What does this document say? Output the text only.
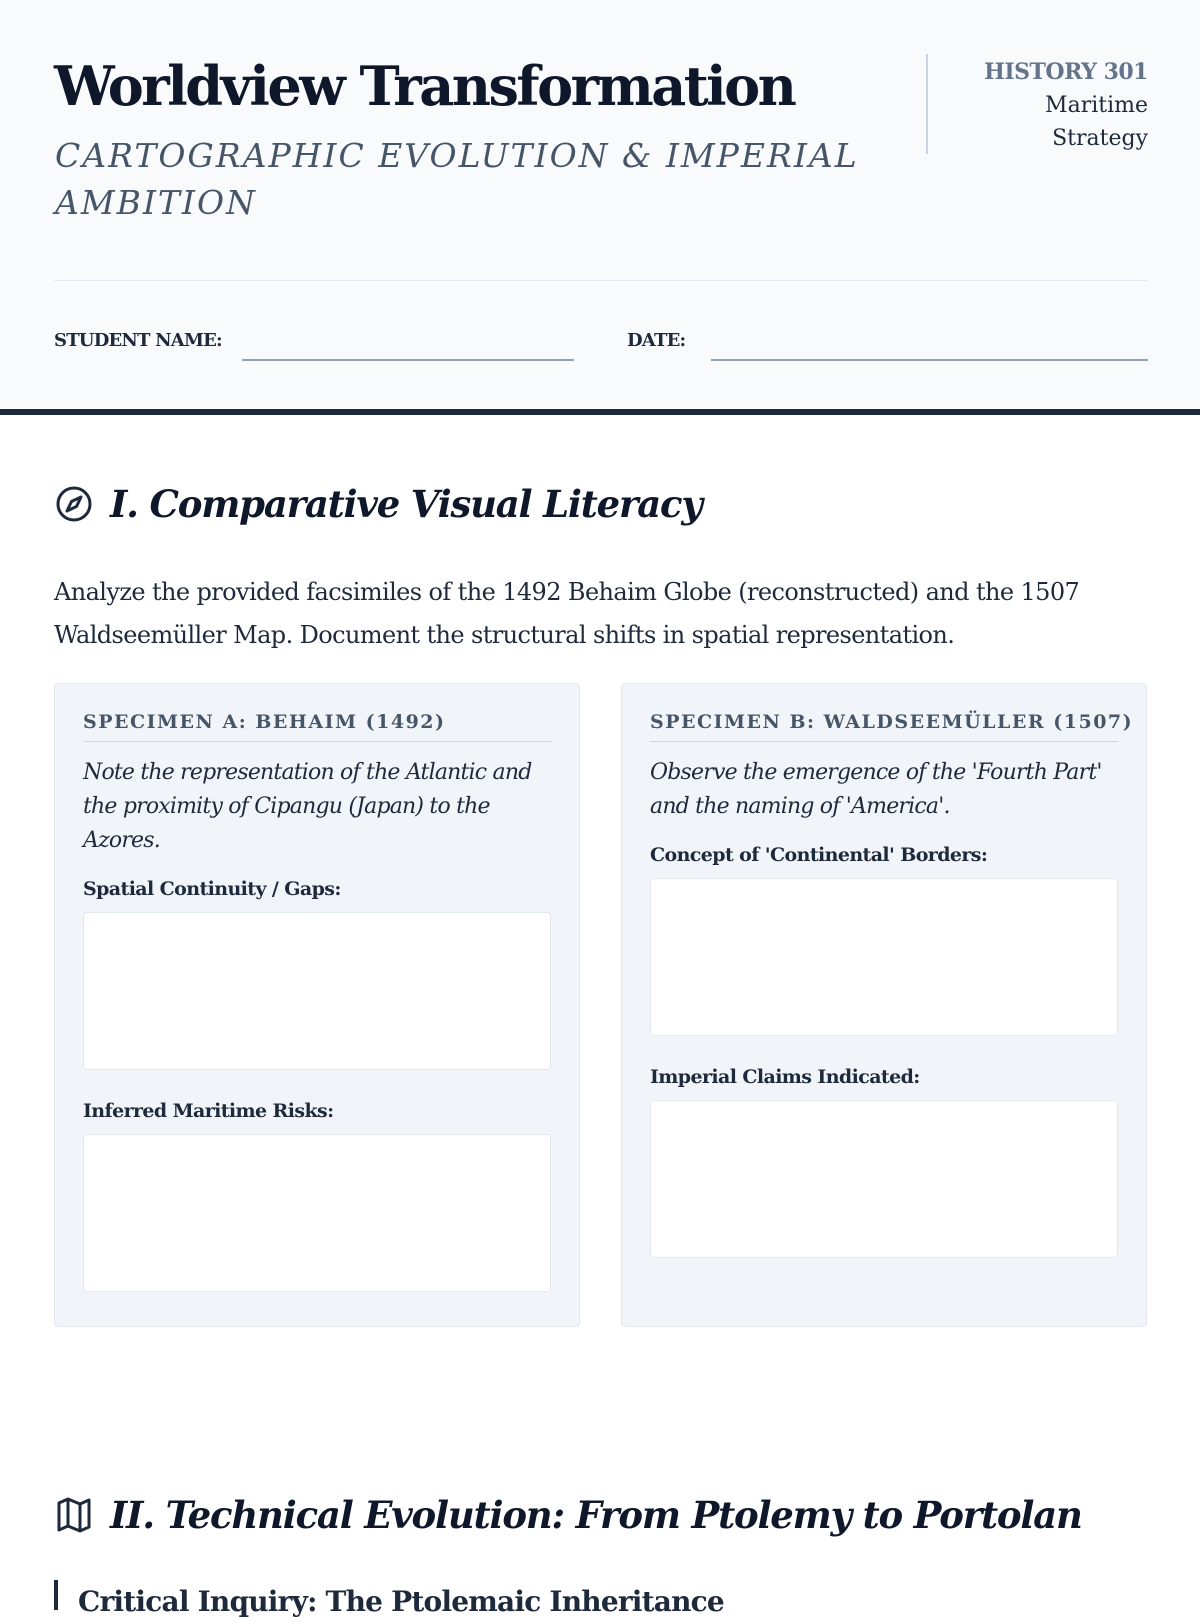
Worldview Transformation

CARTOGRAPHIC EVOLUTION & IMPERIAL AMBITION

HISTORY 301
Maritime
Strategy
STUDENT NAME:	DATE:
I. Comparative Visual Literacy

Analyze the provided facsimiles of the 1492 Behaim Globe (reconstructed) and the 1507 Waldseemüller Map. Document the structural shifts in spatial representation.

SPECIMEN A: BEHAIM (1492)

Note the representation of the Atlantic and the proximity of Cipangu (Japan) to the Azores.

Spatial Continuity / Gaps:
Inferred Maritime Risks:
SPECIMEN B: WALDSEEMÜLLER (1507)

Observe the emergence of the 'Fourth Part' and the naming of 'America'.

Concept of 'Continental' Borders:
Imperial Claims Indicated:
II. Technical Evolution: From Ptolemy to Portolan
Critical Inquiry: The Ptolemaic Inheritance
